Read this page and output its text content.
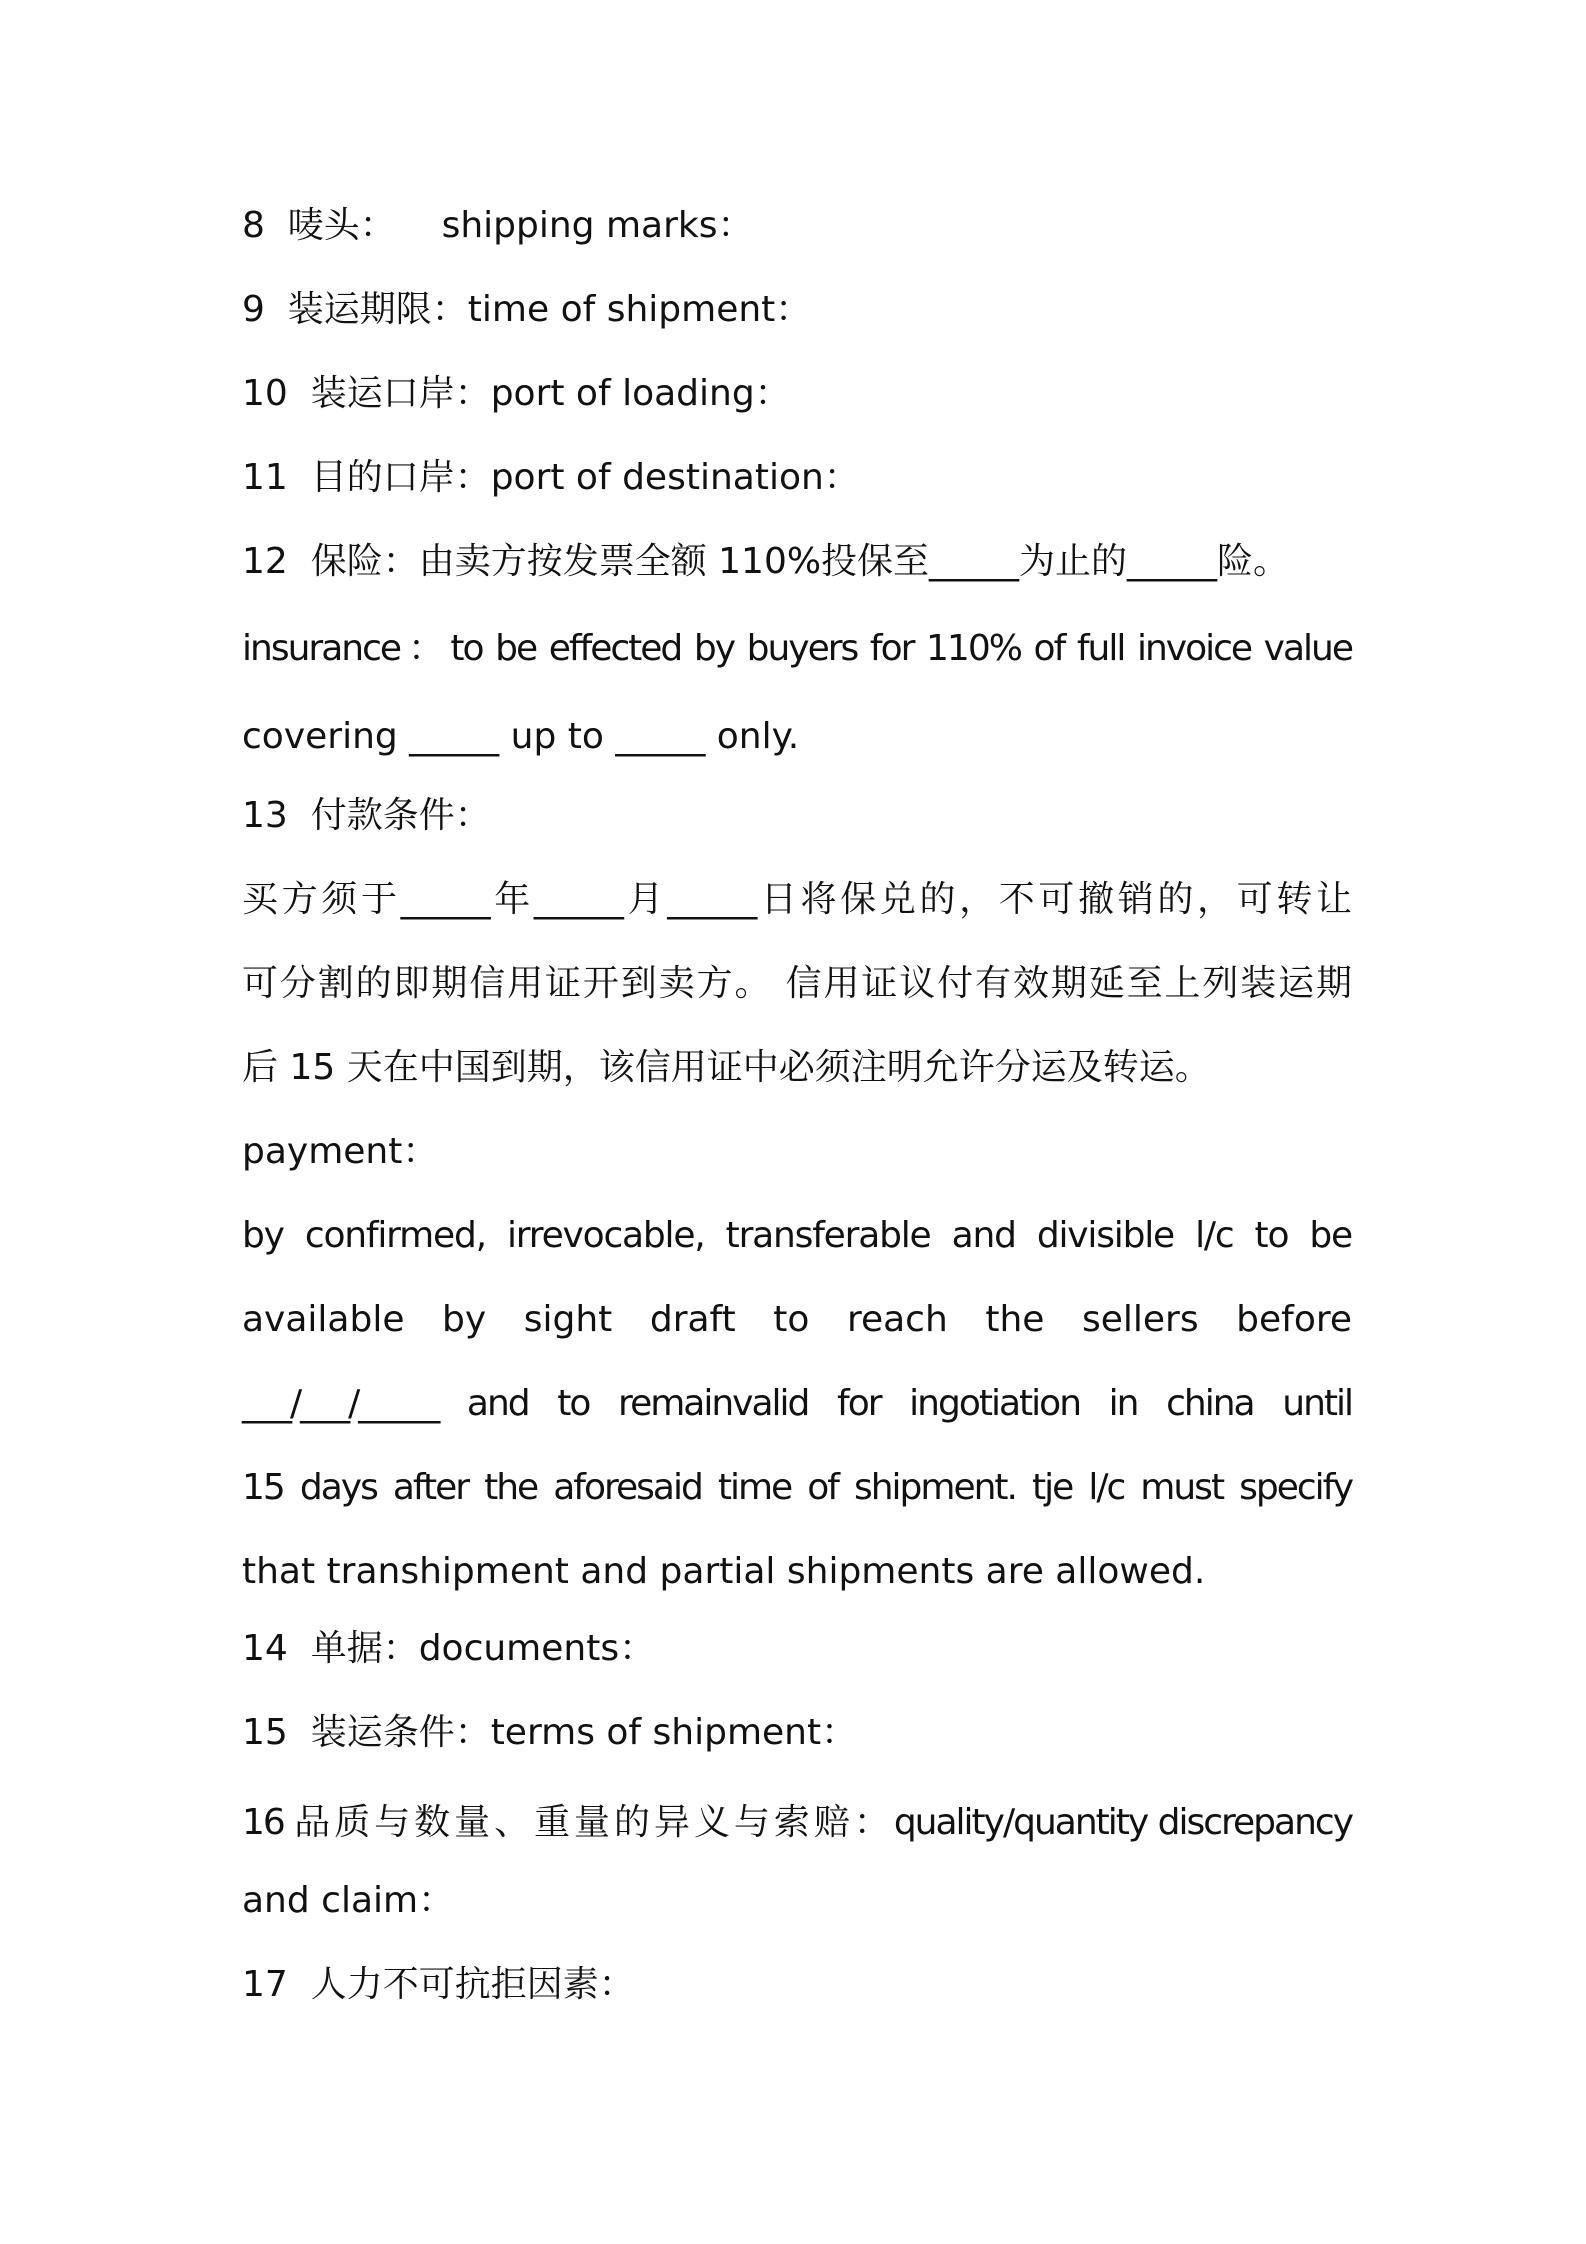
8  唛头：    shipping marks：
9  装运期限：time of shipment：
10  装运口岸：port of loading：
11  目的口岸：port of destination：
12  保险：由卖方按发票全额 110%投保至_____为止的_____险。
insurance：to be effected by buyers for 110% of full invoice value
covering _____ up to _____ only.
13  付款条件：
买方须于_____年_____月_____日将保兑的，不可撤销的，可转让
可分割的即期信用证开到卖方。 信用证议付有效期延至上列装运期
后 15 天在中国到期，该信用证中必须注明允许分运及转运。
payment：
by confirmed, irrevocable, transferable and divisible l/c to be
available by sight draft to reach the sellers before
___/___/_____ and to remainvalid for ingotiation in china until
15 days after the aforesaid time of shipment. tje l/c must specify
that transhipment and partial shipments are allowed.
14  单据：documents：
15  装运条件：terms of shipment：
16 品质与数量、重量的异义与索赔：quality/quantity discrepancy
and claim：
17  人力不可抗拒因素：
